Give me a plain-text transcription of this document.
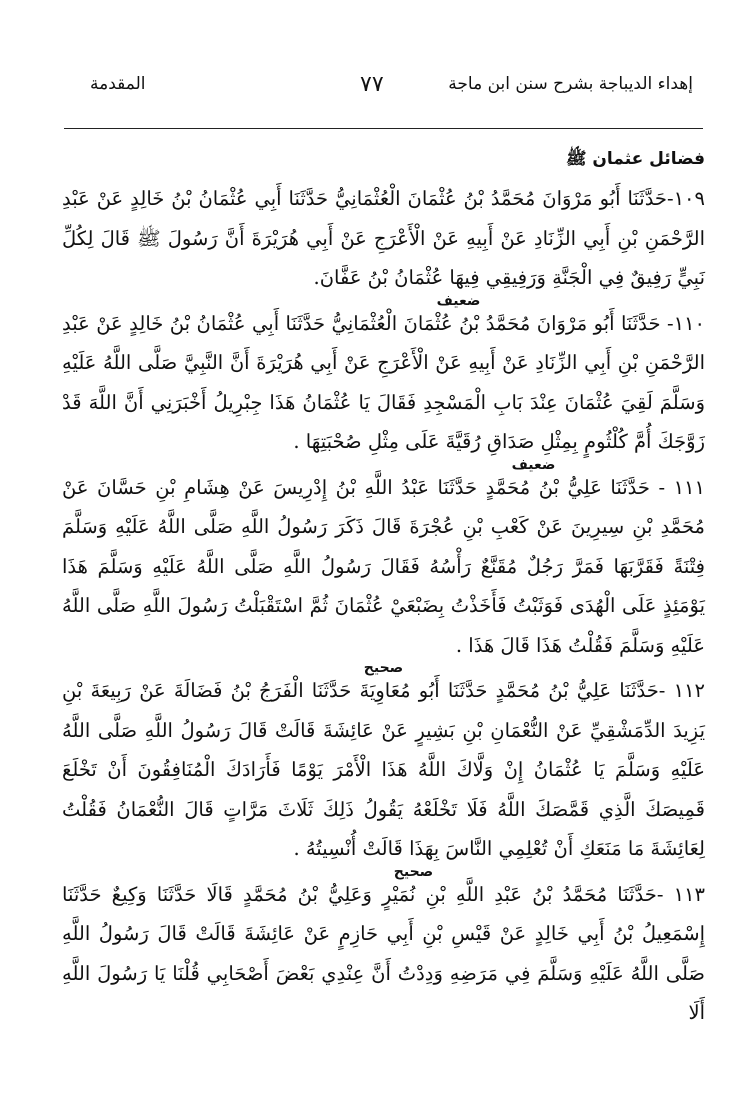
المقدمة	٧٧	إهداء الديباجة بشرح سنن ابن ماجة
فضائل عثمان ﷺ

١٠٩-حَدَّثَنَا أَبُو مَرْوَانَ مُحَمَّدُ بْنُ عُثْمَانَ الْعُثْمَانِيُّ حَدَّثَنَا أَبِي عُثْمَانُ بْنُ خَالِدٍ عَنْ عَبْدِ الرَّحْمَنِ بْنِ أَبِي الزِّنَادِ عَنْ أَبِيهِ عَنْ الْأَعْرَجِ عَنْ أَبِي هُرَيْرَةَ أَنَّ رَسُولَ ﷺ قَالَ لِكُلِّ نَبِيٍّ رَفِيقٌ فِي الْجَنَّةِ وَرَفِيقِي فِيهَا عُثْمَانُ بْنُ عَفَّانَ.

ضعيف

١١٠- حَدَّثَنَا أَبُو مَرْوَانَ مُحَمَّدُ بْنُ عُثْمَانَ الْعُثْمَانِيُّ حَدَّثَنَا أَبِي عُثْمَانُ بْنُ خَالِدٍ عَنْ عَبْدِ الرَّحْمَنِ بْنِ أَبِي الزِّنَادِ عَنْ أَبِيهِ عَنْ الْأَعْرَجِ عَنْ أَبِي هُرَيْرَةَ أَنَّ النَّبِيَّ صَلَّى اللَّهُ عَلَيْهِ وَسَلَّمَ لَقِيَ عُثْمَانَ عِنْدَ بَابِ الْمَسْجِدِ فَقَالَ يَا عُثْمَانُ هَذَا جِبْرِيلُ أَخْبَرَنِي أَنَّ اللَّهَ قَدْ زَوَّجَكَ أُمَّ كُلْثُومٍ بِمِثْلِ صَدَاقِ رُقَيَّةَ عَلَى مِثْلِ صُحْبَتِهَا .

ضعيف

١١١ - حَدَّثَنَا عَلِيُّ بْنُ مُحَمَّدٍ حَدَّثَنَا عَبْدُ اللَّهِ بْنُ إِدْرِيسَ عَنْ هِشَامِ بْنِ حَسَّانَ عَنْ مُحَمَّدِ بْنِ سِيرِينَ عَنْ كَعْبِ بْنِ عُجْرَةَ قَالَ ذَكَرَ رَسُولُ اللَّهِ صَلَّى اللَّهُ عَلَيْهِ وَسَلَّمَ فِتْنَةً فَقَرَّبَهَا فَمَرَّ رَجُلٌ مُقَنَّعٌ رَأْسُهُ فَقَالَ رَسُولُ اللَّهِ صَلَّى اللَّهُ عَلَيْهِ وَسَلَّمَ هَذَا يَوْمَئِذٍ عَلَى الْهُدَى فَوَثَبْتُ فَأَخَذْتُ بِضَبْعَيْ عُثْمَانَ ثُمَّ اسْتَقْبَلْتُ رَسُولَ اللَّهِ صَلَّى اللَّهُ عَلَيْهِ وَسَلَّمَ فَقُلْتُ هَذَا قَالَ هَذَا .

صحيح

١١٢ -حَدَّثَنَا عَلِيُّ بْنُ مُحَمَّدٍ حَدَّثَنَا أَبُو مُعَاوِيَةَ حَدَّثَنَا الْفَرَجُ بْنُ فَضَالَةَ عَنْ رَبِيعَةَ بْنِ يَزِيدَ الدِّمَشْقِيِّ عَنْ النُّعْمَانِ بْنِ بَشِيرٍ عَنْ عَائِشَةَ قَالَتْ قَالَ رَسُولُ اللَّهِ صَلَّى اللَّهُ عَلَيْهِ وَسَلَّمَ يَا عُثْمَانُ إِنْ وَلَّاكَ اللَّهُ هَذَا الْأَمْرَ يَوْمًا فَأَرَادَكَ الْمُنَافِقُونَ أَنْ تَخْلَعَ قَمِيصَكَ الَّذِي قَمَّصَكَ اللَّهُ فَلَا تَخْلَعْهُ يَقُولُ ذَلِكَ ثَلَاثَ مَرَّاتٍ قَالَ النُّعْمَانُ فَقُلْتُ لِعَائِشَةَ مَا مَنَعَكِ أَنْ تُعْلِمِي النَّاسَ بِهَذَا قَالَتْ أُنْسِيتُهُ .

صحيح

١١٣ -حَدَّثَنَا مُحَمَّدُ بْنُ عَبْدِ اللَّهِ بْنِ نُمَيْرٍ وَعَلِيُّ بْنُ مُحَمَّدٍ قَالَا حَدَّثَنَا وَكِيعٌ حَدَّثَنَا إِسْمَعِيلُ بْنُ أَبِي خَالِدٍ عَنْ قَيْسِ بْنِ أَبِي حَازِمٍ عَنْ عَائِشَةَ قَالَتْ قَالَ رَسُولُ اللَّهِ صَلَّى اللَّهُ عَلَيْهِ وَسَلَّمَ فِي مَرَضِهِ وَدِدْتُ أَنَّ عِنْدِي بَعْضَ أَصْحَابِي قُلْنَا يَا رَسُولَ اللَّهِ أَلَا
